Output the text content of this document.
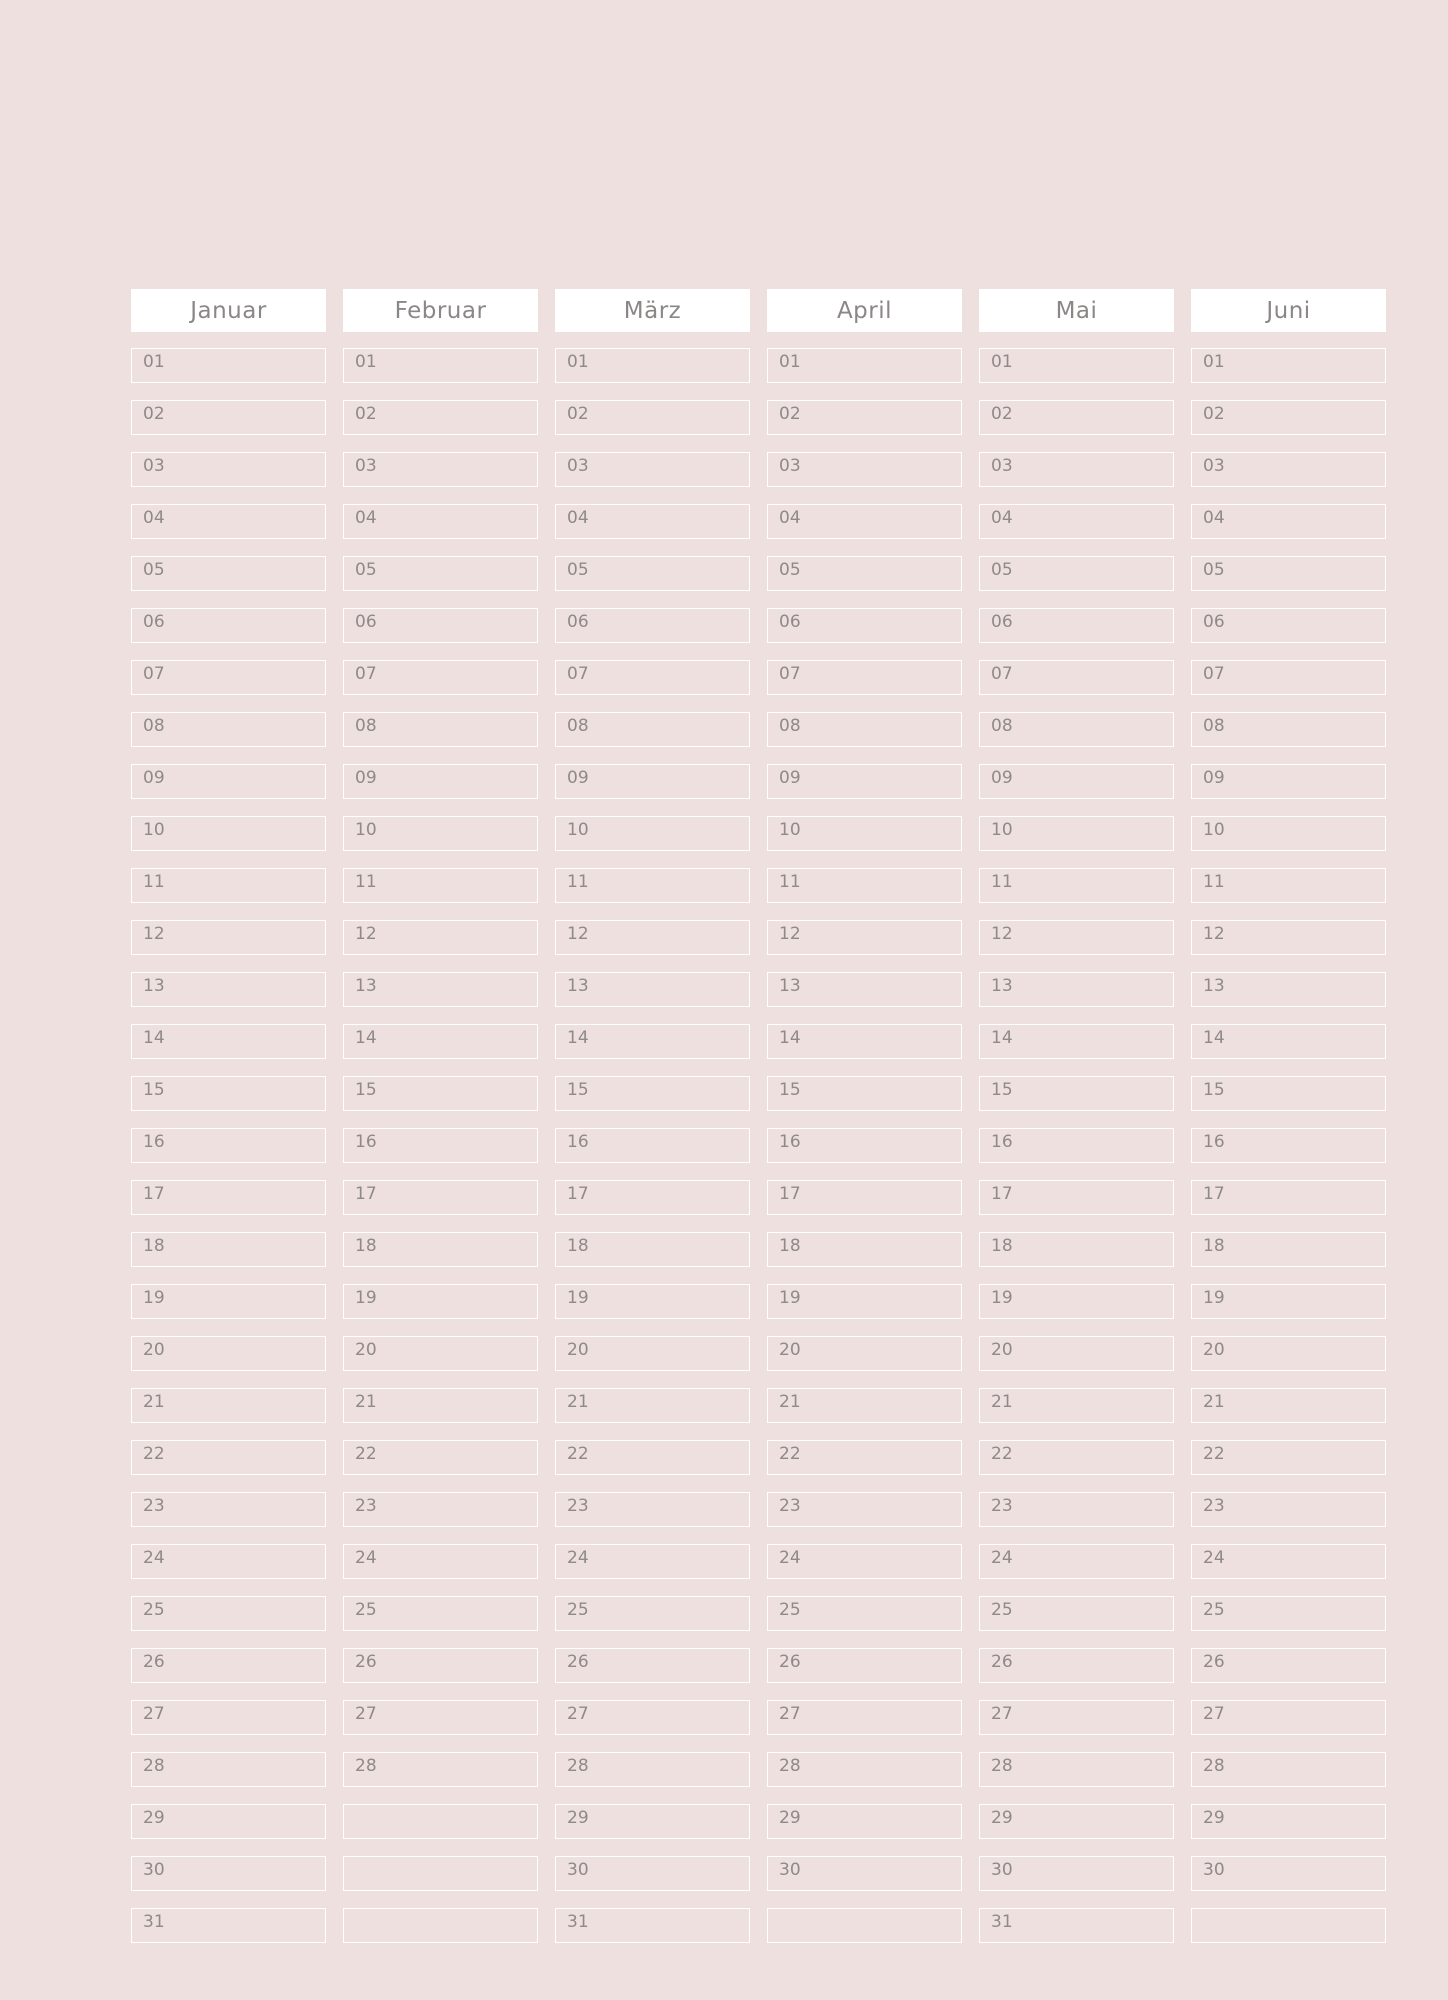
Januar
01
02
03
04
05
06
07
08
09
10
11
12
13
14
15
16
17
18
19
20
21
22
23
24
25
26
27
28
29
30
31
Februar
01
02
03
04
05
06
07
08
09
10
11
12
13
14
15
16
17
18
19
20
21
22
23
24
25
26
27
28
März
01
02
03
04
05
06
07
08
09
10
11
12
13
14
15
16
17
18
19
20
21
22
23
24
25
26
27
28
29
30
31
April
01
02
03
04
05
06
07
08
09
10
11
12
13
14
15
16
17
18
19
20
21
22
23
24
25
26
27
28
29
30
Mai
01
02
03
04
05
06
07
08
09
10
11
12
13
14
15
16
17
18
19
20
21
22
23
24
25
26
27
28
29
30
31
Juni
01
02
03
04
05
06
07
08
09
10
11
12
13
14
15
16
17
18
19
20
21
22
23
24
25
26
27
28
29
30
